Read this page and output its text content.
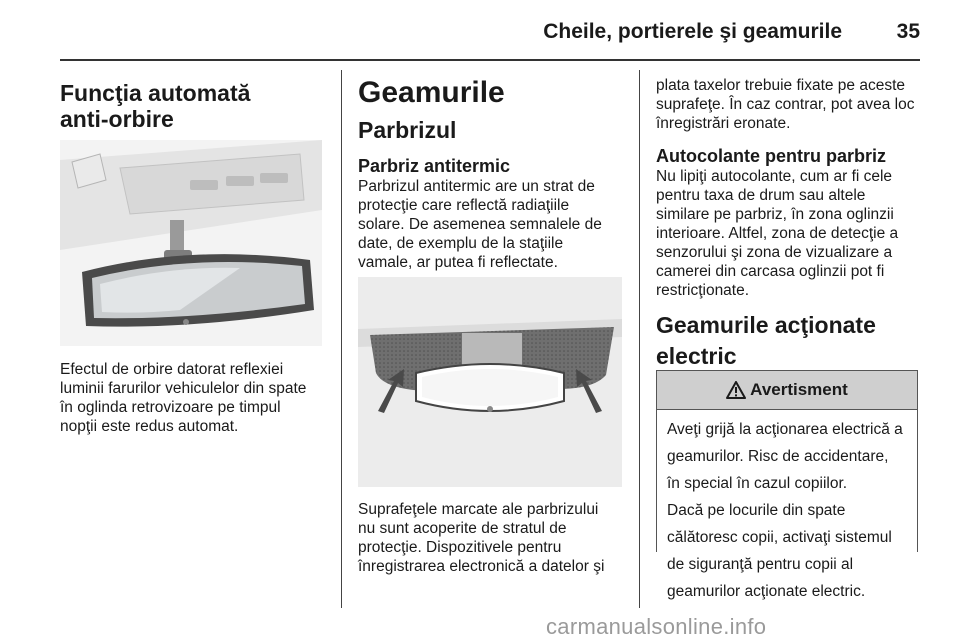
Cheile, portierele şi geamurile	35

Funcţia automată

anti-orbire

Efectul de orbire datorat reflexiei

luminii farurilor vehiculelor din spate

în oglinda retrovizoare pe timpul

nopţii este redus automat.

Geamurile

Parbrizul

Parbriz antitermic

Parbrizul antitermic are un strat de

protecţie care reflectă radiaţiile

solare. De asemenea semnalele de

date, de exemplu de la staţiile

vamale, ar putea fi reflectate.

Suprafeţele marcate ale parbrizului

nu sunt acoperite de stratul de

protecţie. Dispozitivele pentru

înregistrarea electronică a datelor şi

plata taxelor trebuie fixate pe aceste

suprafeţe. În caz contrar, pot avea loc

înregistrări eronate.

Autocolante pentru parbriz

Nu lipiţi autocolante, cum ar fi cele

pentru taxa de drum sau altele

similare pe parbriz, în zona oglinzii

interioare. Altfel, zona de detecţie a

senzorului şi zona de vizualizare a

camerei din carcasa oglinzii pot fi

restricţionate.

Geamurile acţionate

electric

Avertisment

Aveţi grijă la acţionarea electrică a

geamurilor. Risc de accidentare,

în special în cazul copiilor.

Dacă pe locurile din spate

călătoresc copii, activaţi sistemul

de siguranţă pentru copii al

geamurilor acţionate electric.

carmanualsonline.info
